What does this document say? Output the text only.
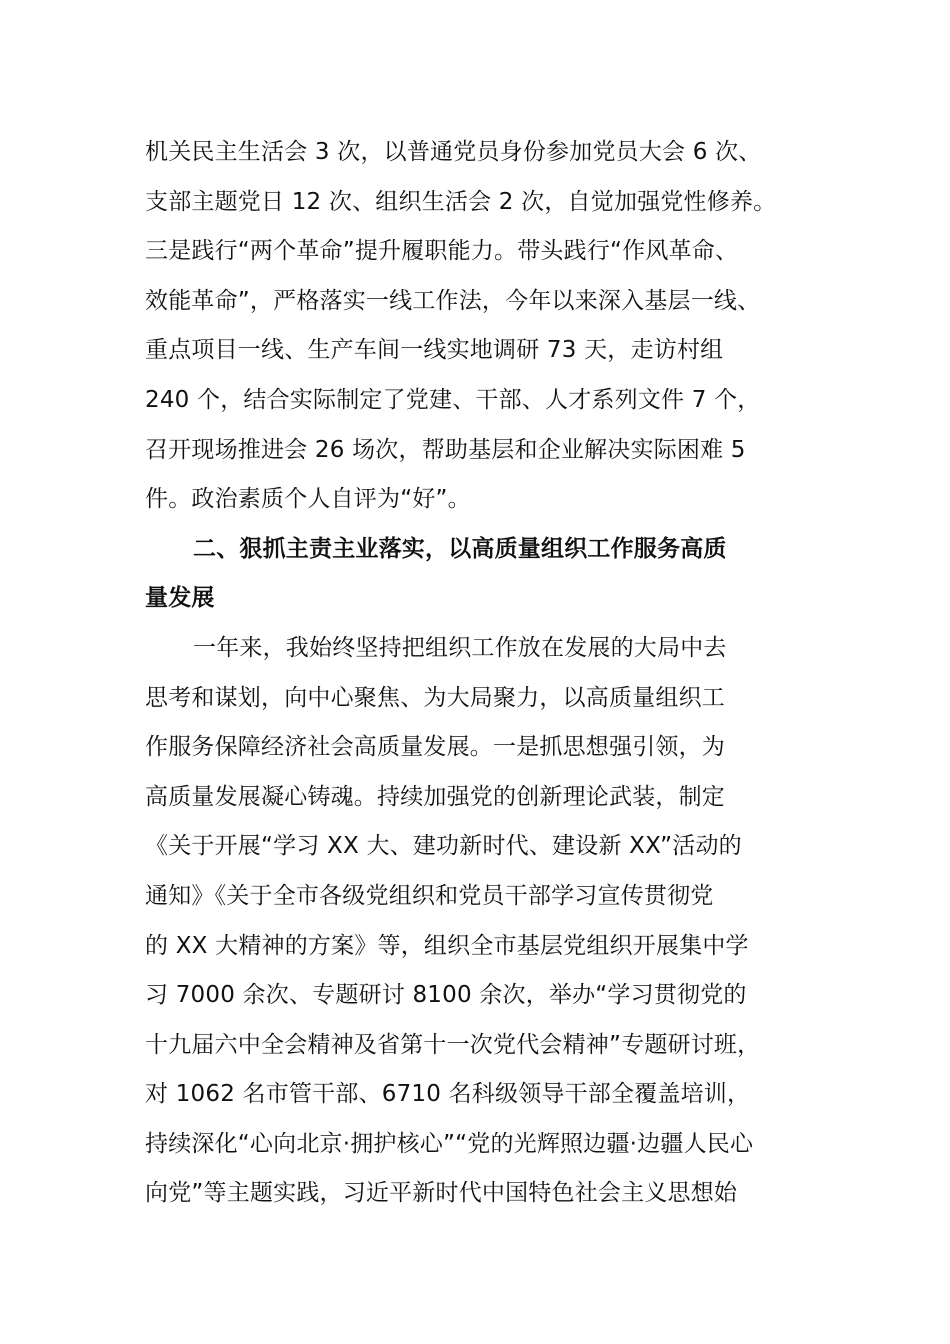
机关民主生活会 3 次，以普通党员身份参加党员大会 6 次、
支部主题党日 12 次、组织生活会 2 次，自觉加强党性修养。
三是践行“两个革命”提升履职能力。带头践行“作风革命、
效能革命”，严格落实一线工作法，今年以来深入基层一线、
重点项目一线、生产车间一线实地调研 73 天，走访村组
240 个，结合实际制定了党建、干部、人才系列文件 7 个，
召开现场推进会 26 场次，帮助基层和企业解决实际困难 5
件。政治素质个人自评为“好”。
二、狠抓主责主业落实，以高质量组织工作服务高质
量发展
一年来，我始终坚持把组织工作放在发展的大局中去
思考和谋划，向中心聚焦、为大局聚力，以高质量组织工
作服务保障经济社会高质量发展。一是抓思想强引领，为
高质量发展凝心铸魂。持续加强党的创新理论武装，制定
《关于开展“学习 XX 大、建功新时代、建设新 XX”活动的
通知》《关于全市各级党组织和党员干部学习宣传贯彻党
的 XX 大精神的方案》等，组织全市基层党组织开展集中学
习 7000 余次、专题研讨 8100 余次，举办“学习贯彻党的
十九届六中全会精神及省第十一次党代会精神”专题研讨班，
对 1062 名市管干部、6710 名科级领导干部全覆盖培训，
持续深化“心向北京·拥护核心”“党的光辉照边疆·边疆人民心
向党”等主题实践，习近平新时代中国特色社会主义思想始
